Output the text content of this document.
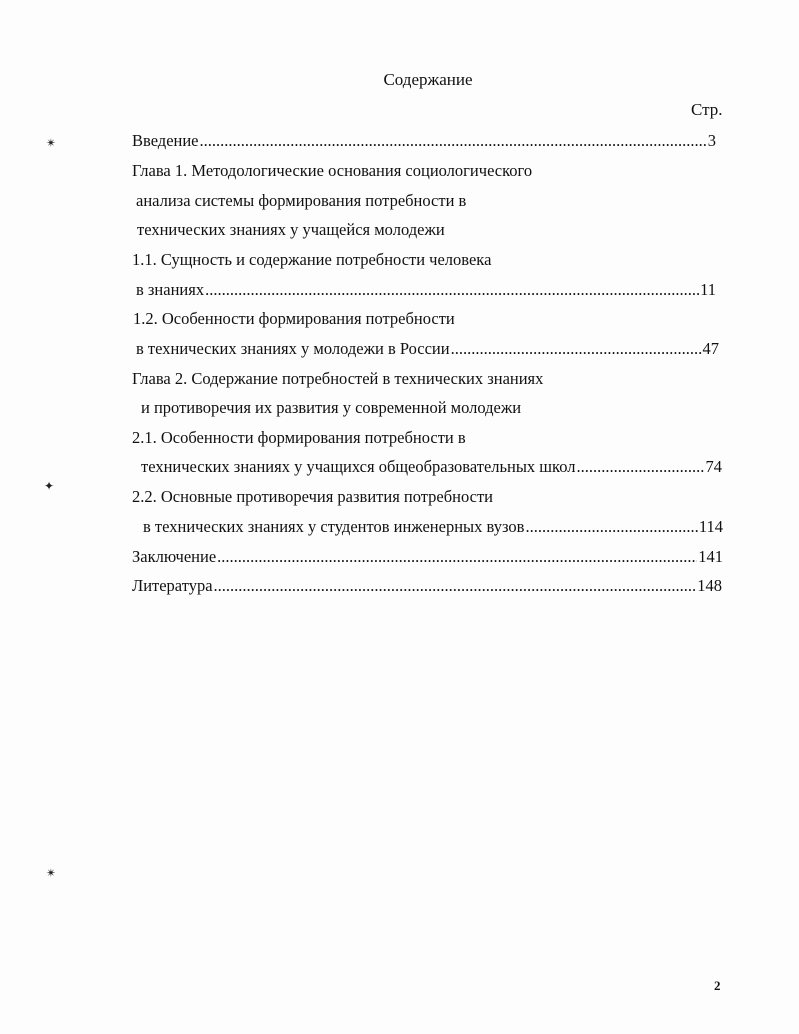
Содержание
Стр.
Введение .....	3
Глава 1. Методологические основания социологического
анализа системы формирования потребности в
технических знаниях у учащейся молодежи
1.1. Сущность и содержание потребности человека
в знаниях .....	11
1.2. Особенности формирования потребности
в технических знаниях у молодежи в России .....	47
Глава 2. Содержание потребностей в технических знаниях
и противоречия их развития у современной молодежи
2.1. Особенности формирования потребности в
технических знаниях у учащихся общеобразовательных школ .....	74
2.2. Основные противоречия развития потребности
в технических знаниях у студентов инженерных вузов .....	114
Заключение .....	141
Литература .....	148
✴
✦
✴
2
